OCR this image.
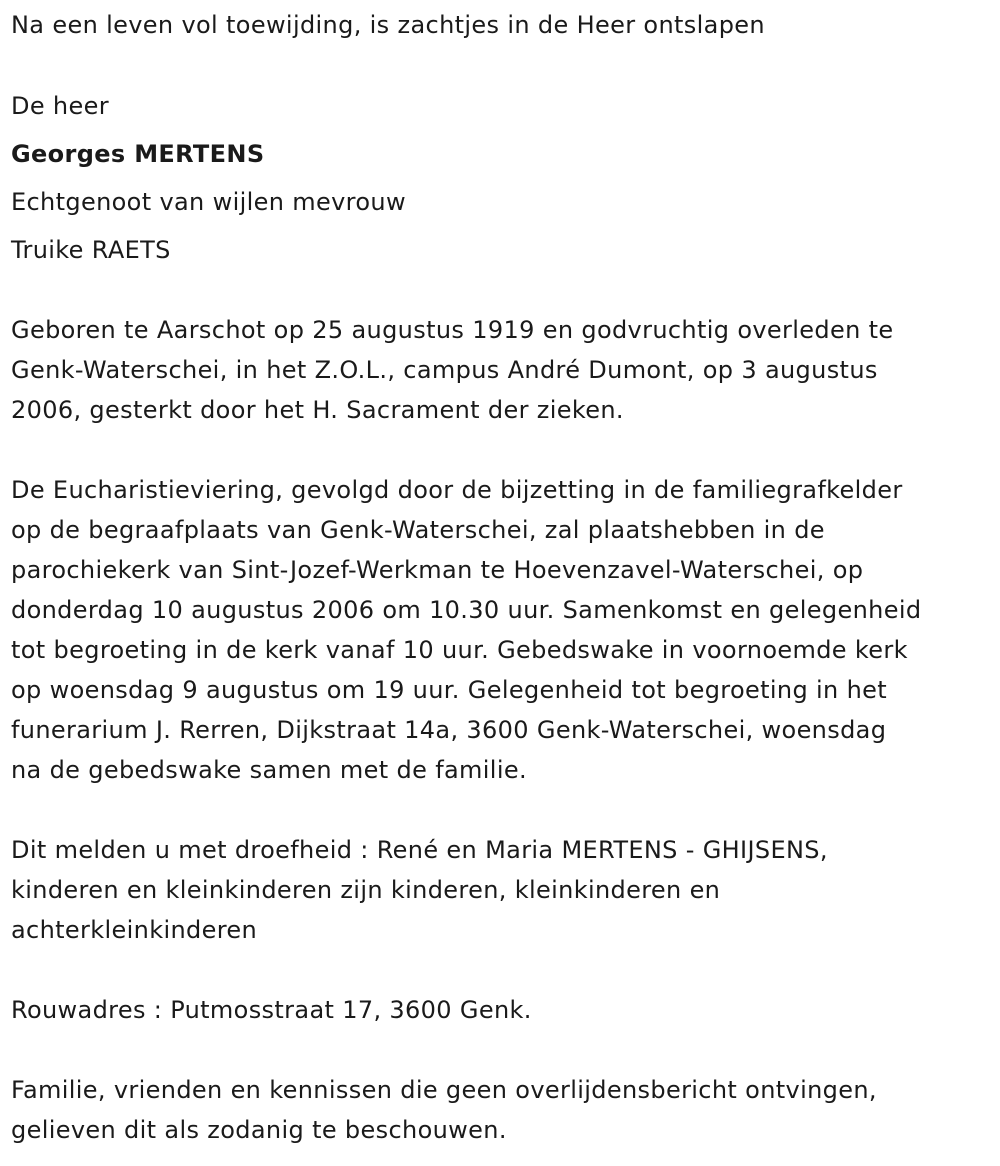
Na een leven vol toewijding, is zachtjes in de Heer ontslapen
De heer
Georges MERTENS
Echtgenoot van wijlen mevrouw
Truike RAETS
Geboren te Aarschot op 25 augustus 1919 en godvruchtig overleden te
Genk-Waterschei, in het Z.O.L., campus André Dumont, op 3 augustus
2006, gesterkt door het H. Sacrament der zieken.
De Eucharistieviering, gevolgd door de bijzetting in de familiegrafkelder
op de begraafplaats van Genk-Waterschei, zal plaatshebben in de
parochiekerk van Sint-Jozef-Werkman te Hoevenzavel-Waterschei, op
donderdag 10 augustus 2006 om 10.30 uur. Samenkomst en gelegenheid
tot begroeting in de kerk vanaf 10 uur. Gebedswake in voornoemde kerk
op woensdag 9 augustus om 19 uur. Gelegenheid tot begroeting in het
funerarium J. Rerren, Dijkstraat 14a, 3600 Genk-Waterschei, woensdag
na de gebedswake samen met de familie.
Dit melden u met droefheid : René en Maria MERTENS - GHIJSENS,
kinderen en kleinkinderen zijn kinderen, kleinkinderen en
achterkleinkinderen
Rouwadres : Putmosstraat 17, 3600 Genk.
Familie, vrienden en kennissen die geen overlijdensbericht ontvingen,
gelieven dit als zodanig te beschouwen.
